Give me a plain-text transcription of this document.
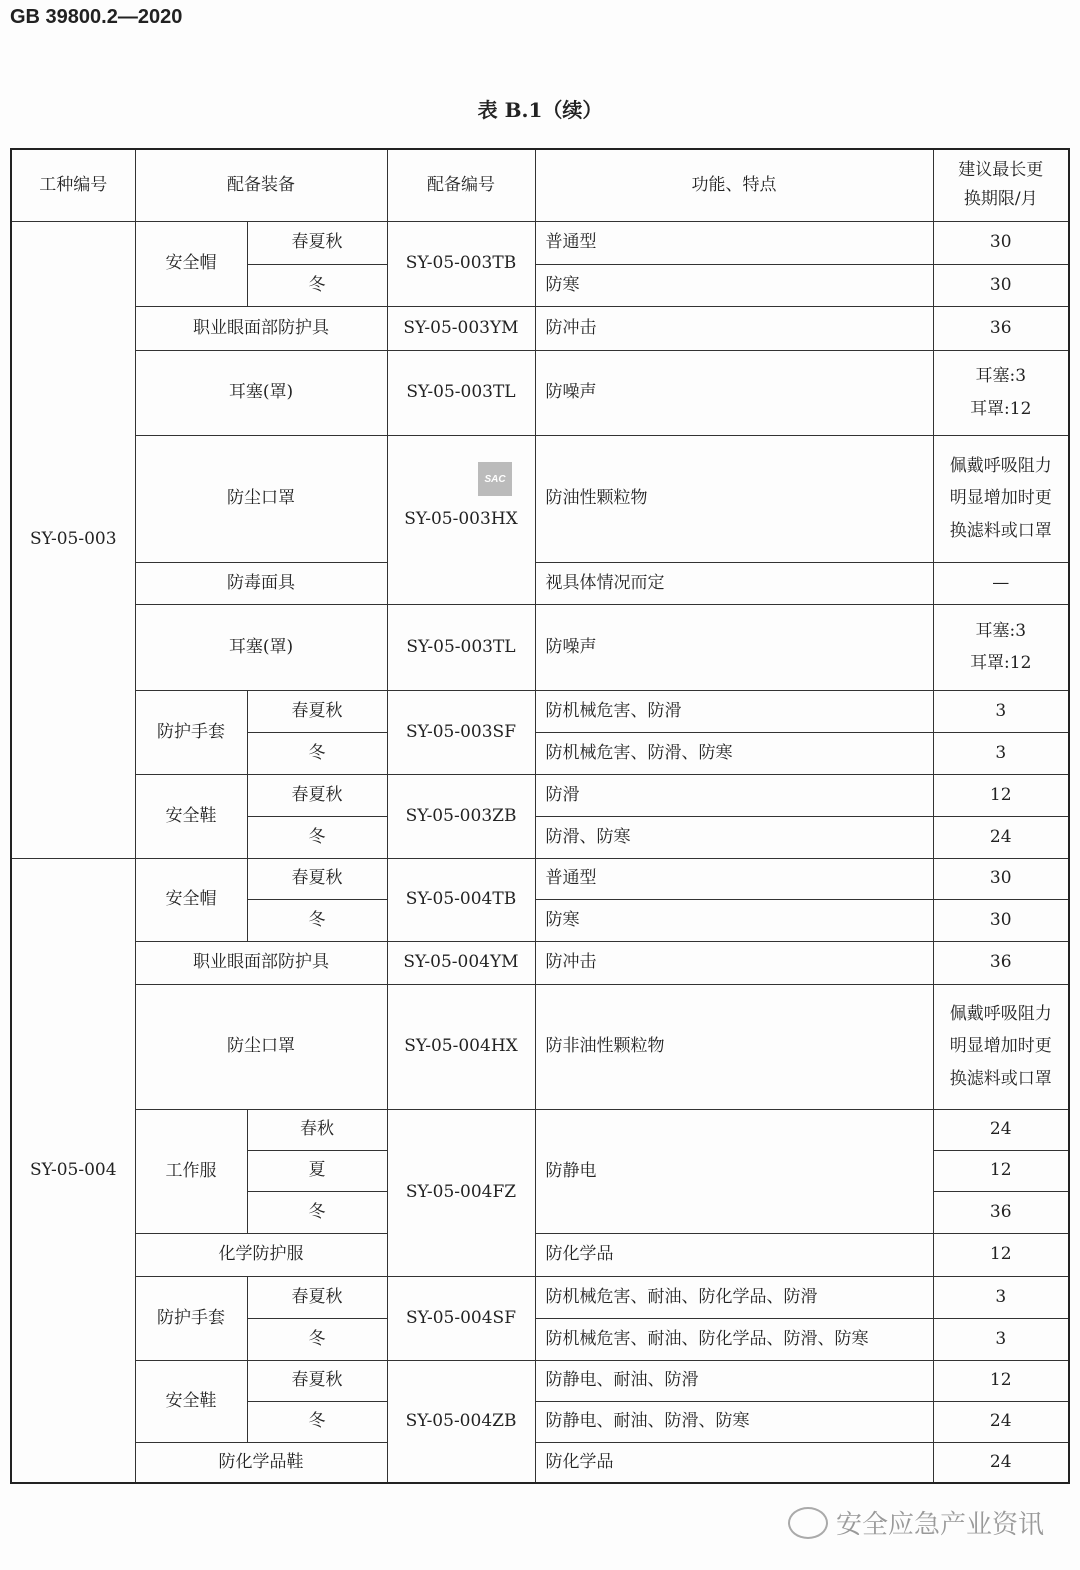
GB 39800.2—2020
表 B.1（续）
工种编号	配备装备		配备编号	功能、特点	建议最长更
换期限/月
SY-05-003	安全帽	春夏秋	SY-05-003TB	普通型	30
		冬		防寒	30
	职业眼面部防护具		SY-05-003YM	防冲击	36
	耳塞(罩)		SY-05-003TL	防噪声	耳塞:3
耳罩:12
	防尘口罩		SY-05-003HX	防油性颗粒物	佩戴呼吸阻力
明显增加时更
换滤料或口罩
	防毒面具			视具体情况而定	—
	耳塞(罩)		SY-05-003TL	防噪声	耳塞:3
耳罩:12
	防护手套	春夏秋	SY-05-003SF	防机械危害、防滑	3
		冬		防机械危害、防滑、防寒	3
	安全鞋	春夏秋	SY-05-003ZB	防滑	12
		冬		防滑、防寒	24
SY-05-004	安全帽	春夏秋	SY-05-004TB	普通型	30
		冬		防寒	30
	职业眼面部防护具		SY-05-004YM	防冲击	36
	防尘口罩		SY-05-004HX	防非油性颗粒物	佩戴呼吸阻力
明显增加时更
换滤料或口罩
	工作服	春秋	SY-05-004FZ	防静电	24
		夏			12
		冬			36
	化学防护服			防化学品	12
	防护手套	春夏秋	SY-05-004SF	防机械危害、耐油、防化学品、防滑	3
		冬		防机械危害、耐油、防化学品、防滑、防寒	3
	安全鞋	春夏秋	SY-05-004ZB	防静电、耐油、防滑	12
		冬		防静电、耐油、防滑、防寒	24
	防化学品鞋			防化学品	24
SAC
安全应急产业资讯
